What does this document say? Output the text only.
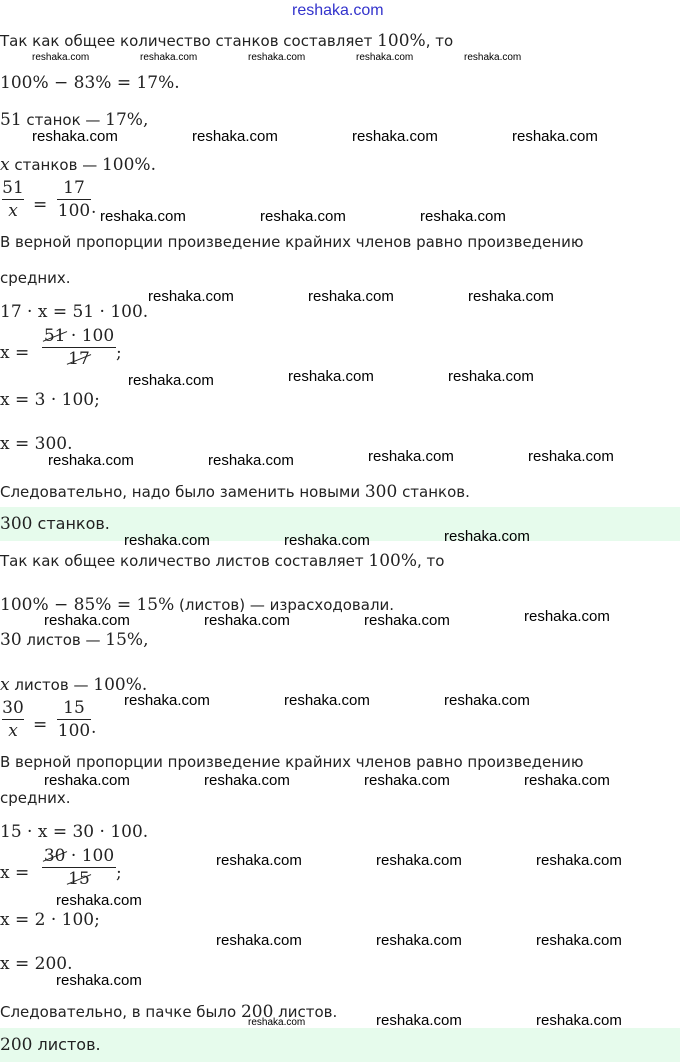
reshaka.com
Так как общее количество станков составляет 100%, то
100% − 83% = 17%.
51 станок — 17%,
x станков — 100%.
51
x =
17
100 .
В верной пропорции произведение крайних членов равно произведению
средних.
17 · x = 51 · 100.
x =
51 · 100
17	;
x = 3 · 100;
x = 300.
Следовательно, надо было заменить новыми 300 станков.
300 станков.
Так как общее количество листов составляет 100%, то
100% − 85% = 15% (листов) — израсходовали.
30 листов — 15%,
x листов — 100%.
30
x =
15
100 .
В верной пропорции произведение крайних членов равно произведению
средних.
15 · x = 30 · 100.
x =
30 · 100
15	;
x = 2 · 100;
x = 200.
Следовательно, в пачке было 200 листов.
200 листов.
reshaka.com	reshaka.com	reshaka.com	reshaka.com	reshaka.com
reshaka.com	reshaka.com	reshaka.com	reshaka.com
reshaka.com	reshaka.com	reshaka.com
reshaka.com	reshaka.com	reshaka.com
reshaka.com	reshaka.com	reshaka.com
reshaka.com	reshaka.com	reshaka.com	reshaka.com
reshaka.com	reshaka.com	reshaka.com
reshaka.com	reshaka.com	reshaka.com	reshaka.com
reshaka.com	reshaka.com	reshaka.com
reshaka.com	reshaka.com	reshaka.com	reshaka.com
reshaka.com	reshaka.com	reshaka.com
reshaka.com
reshaka.com	reshaka.com	reshaka.com
reshaka.com
reshaka.com	reshaka.com	reshaka.com
